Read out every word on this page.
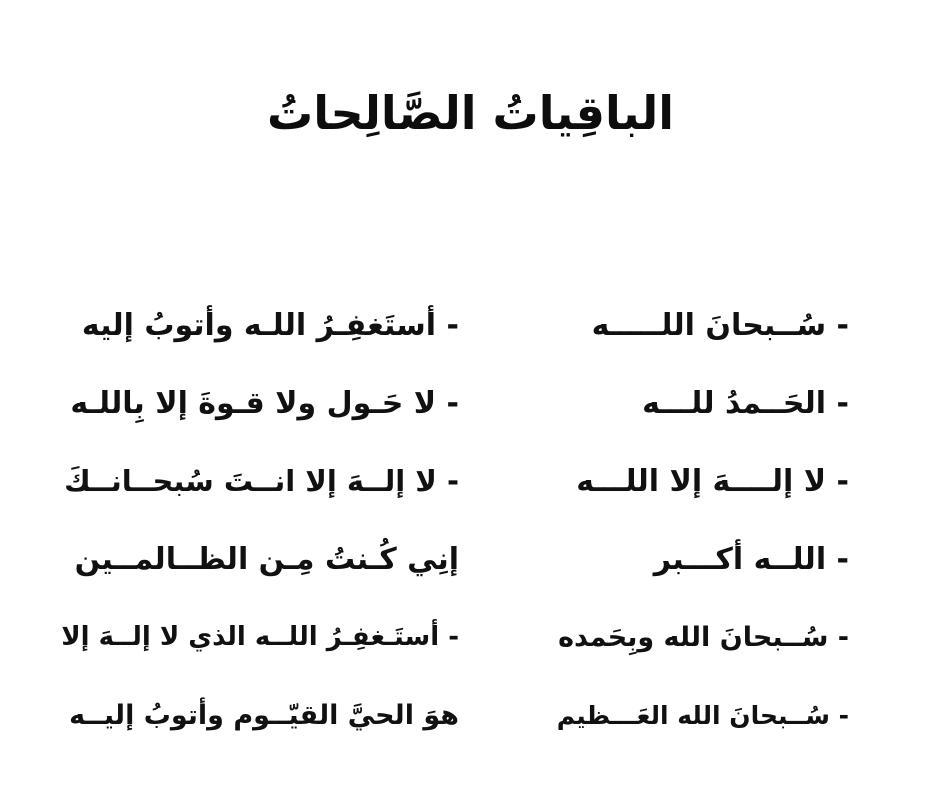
الباقِياتُ الصَّالِحاتُ
- سُــبحانَ اللـــــه
- الحَــمدُ للـــه
- لا إلــــهَ إلا اللـــه
- اللــه أكـــبر
- سُــبحانَ الله وبِحَمده
- سُــبحانَ الله العَـــظيم
- أستَغفِـرُ اللـه وأتوبُ إليه
- لا حَـول ولا قـوةَ إلا بِاللـه
- لا إلــهَ إلا انــتَ سُبحــانــكَ
إنِي كُـنتُ مِـن الظــالمــين
- أستَـغفِـرُ اللــه الذي لا إلــهَ إلا
هوَ الحيَّ القيّــوم وأتوبُ إليــه
